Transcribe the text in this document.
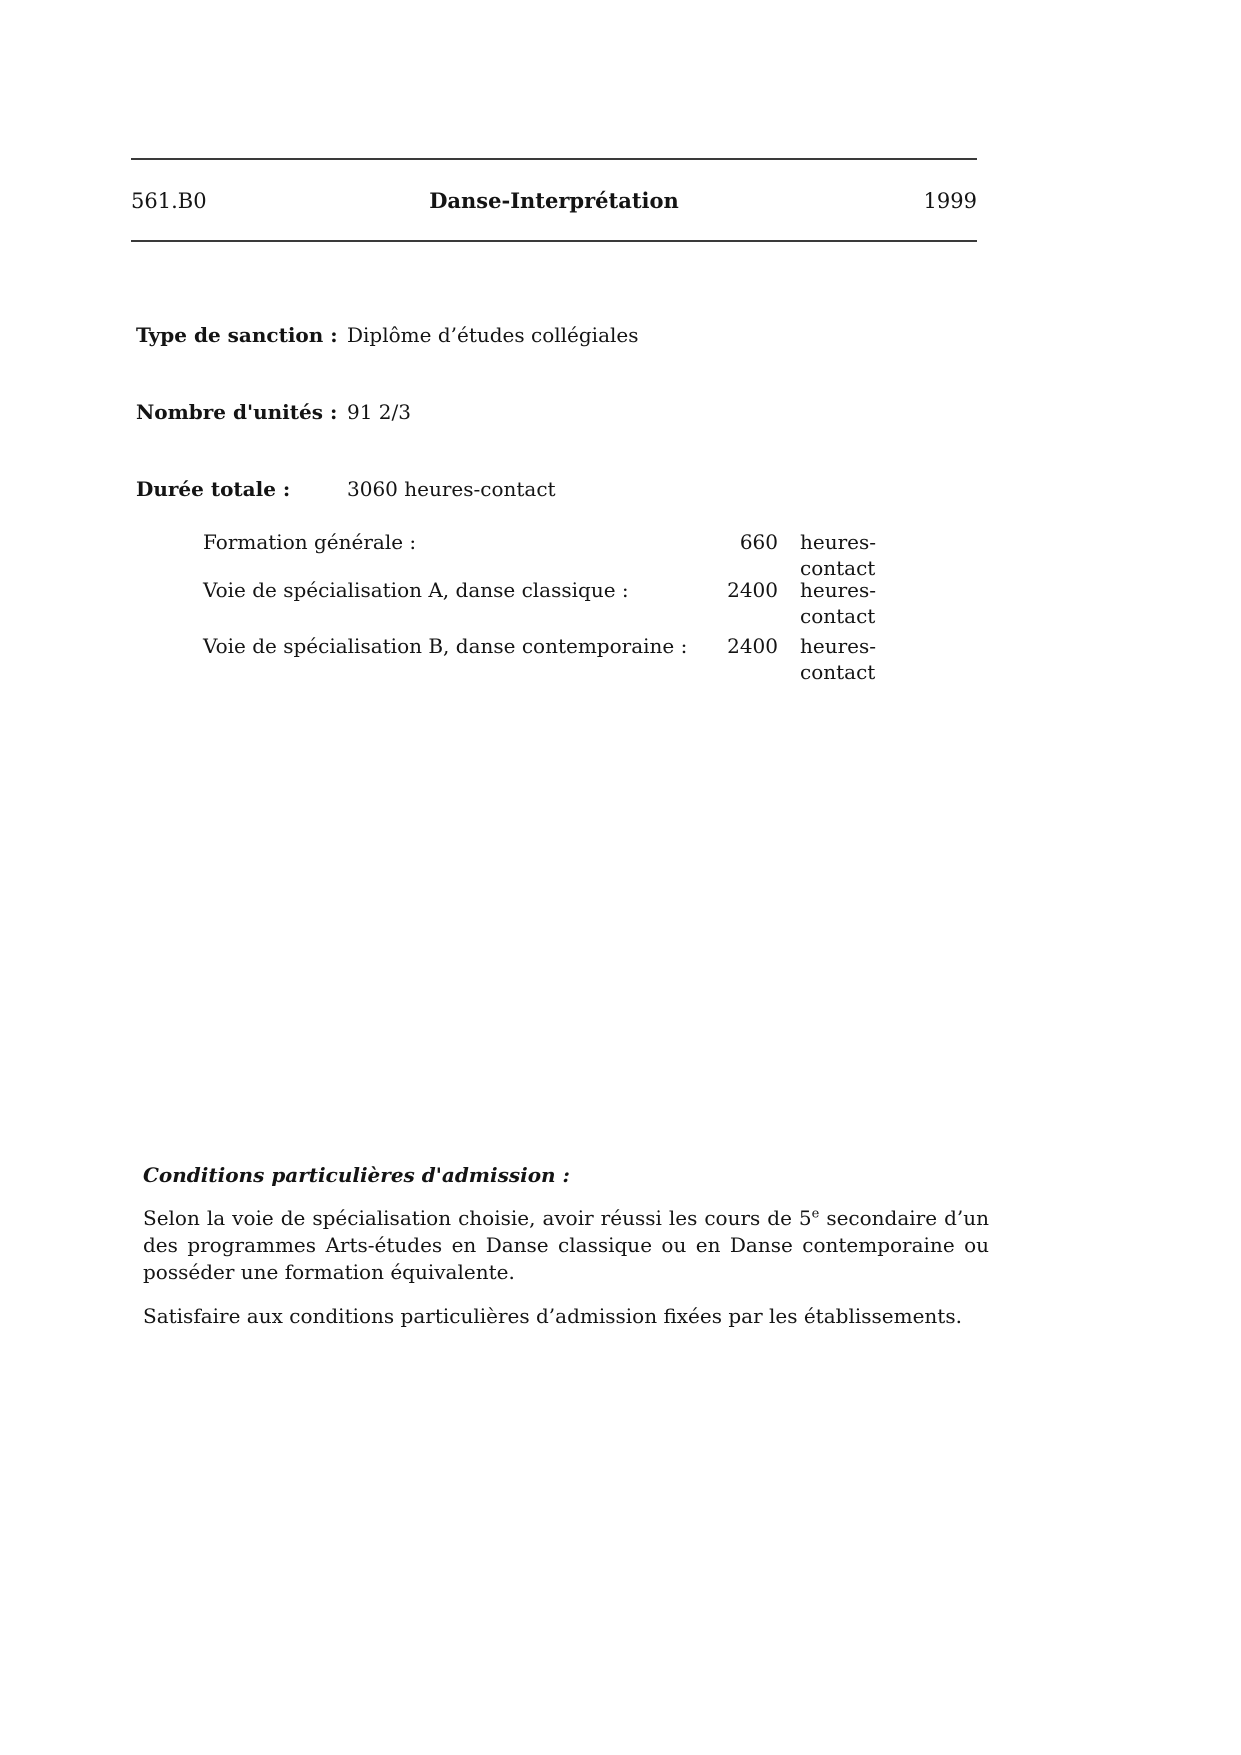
561.B0	Danse-Interprétation	1999
Type de sanction : Diplôme d’études collégiales
Nombre d'unités : 91 2/3
Durée totale :	3060 heures-contact
Formation générale :	660	heures-contact
Voie de spécialisation A, danse classique :	2400	heures-contact
Voie de spécialisation B, danse contemporaine :	2400	heures-contact
Conditions particulières d'admission :

Selon la voie de spécialisation choisie, avoir réussi les cours de 5e secondaire d’un des programmes Arts-études en Danse classique ou en Danse contemporaine ou posséder une formation équivalente.

Satisfaire aux conditions particulières d’admission fixées par les établissements.
